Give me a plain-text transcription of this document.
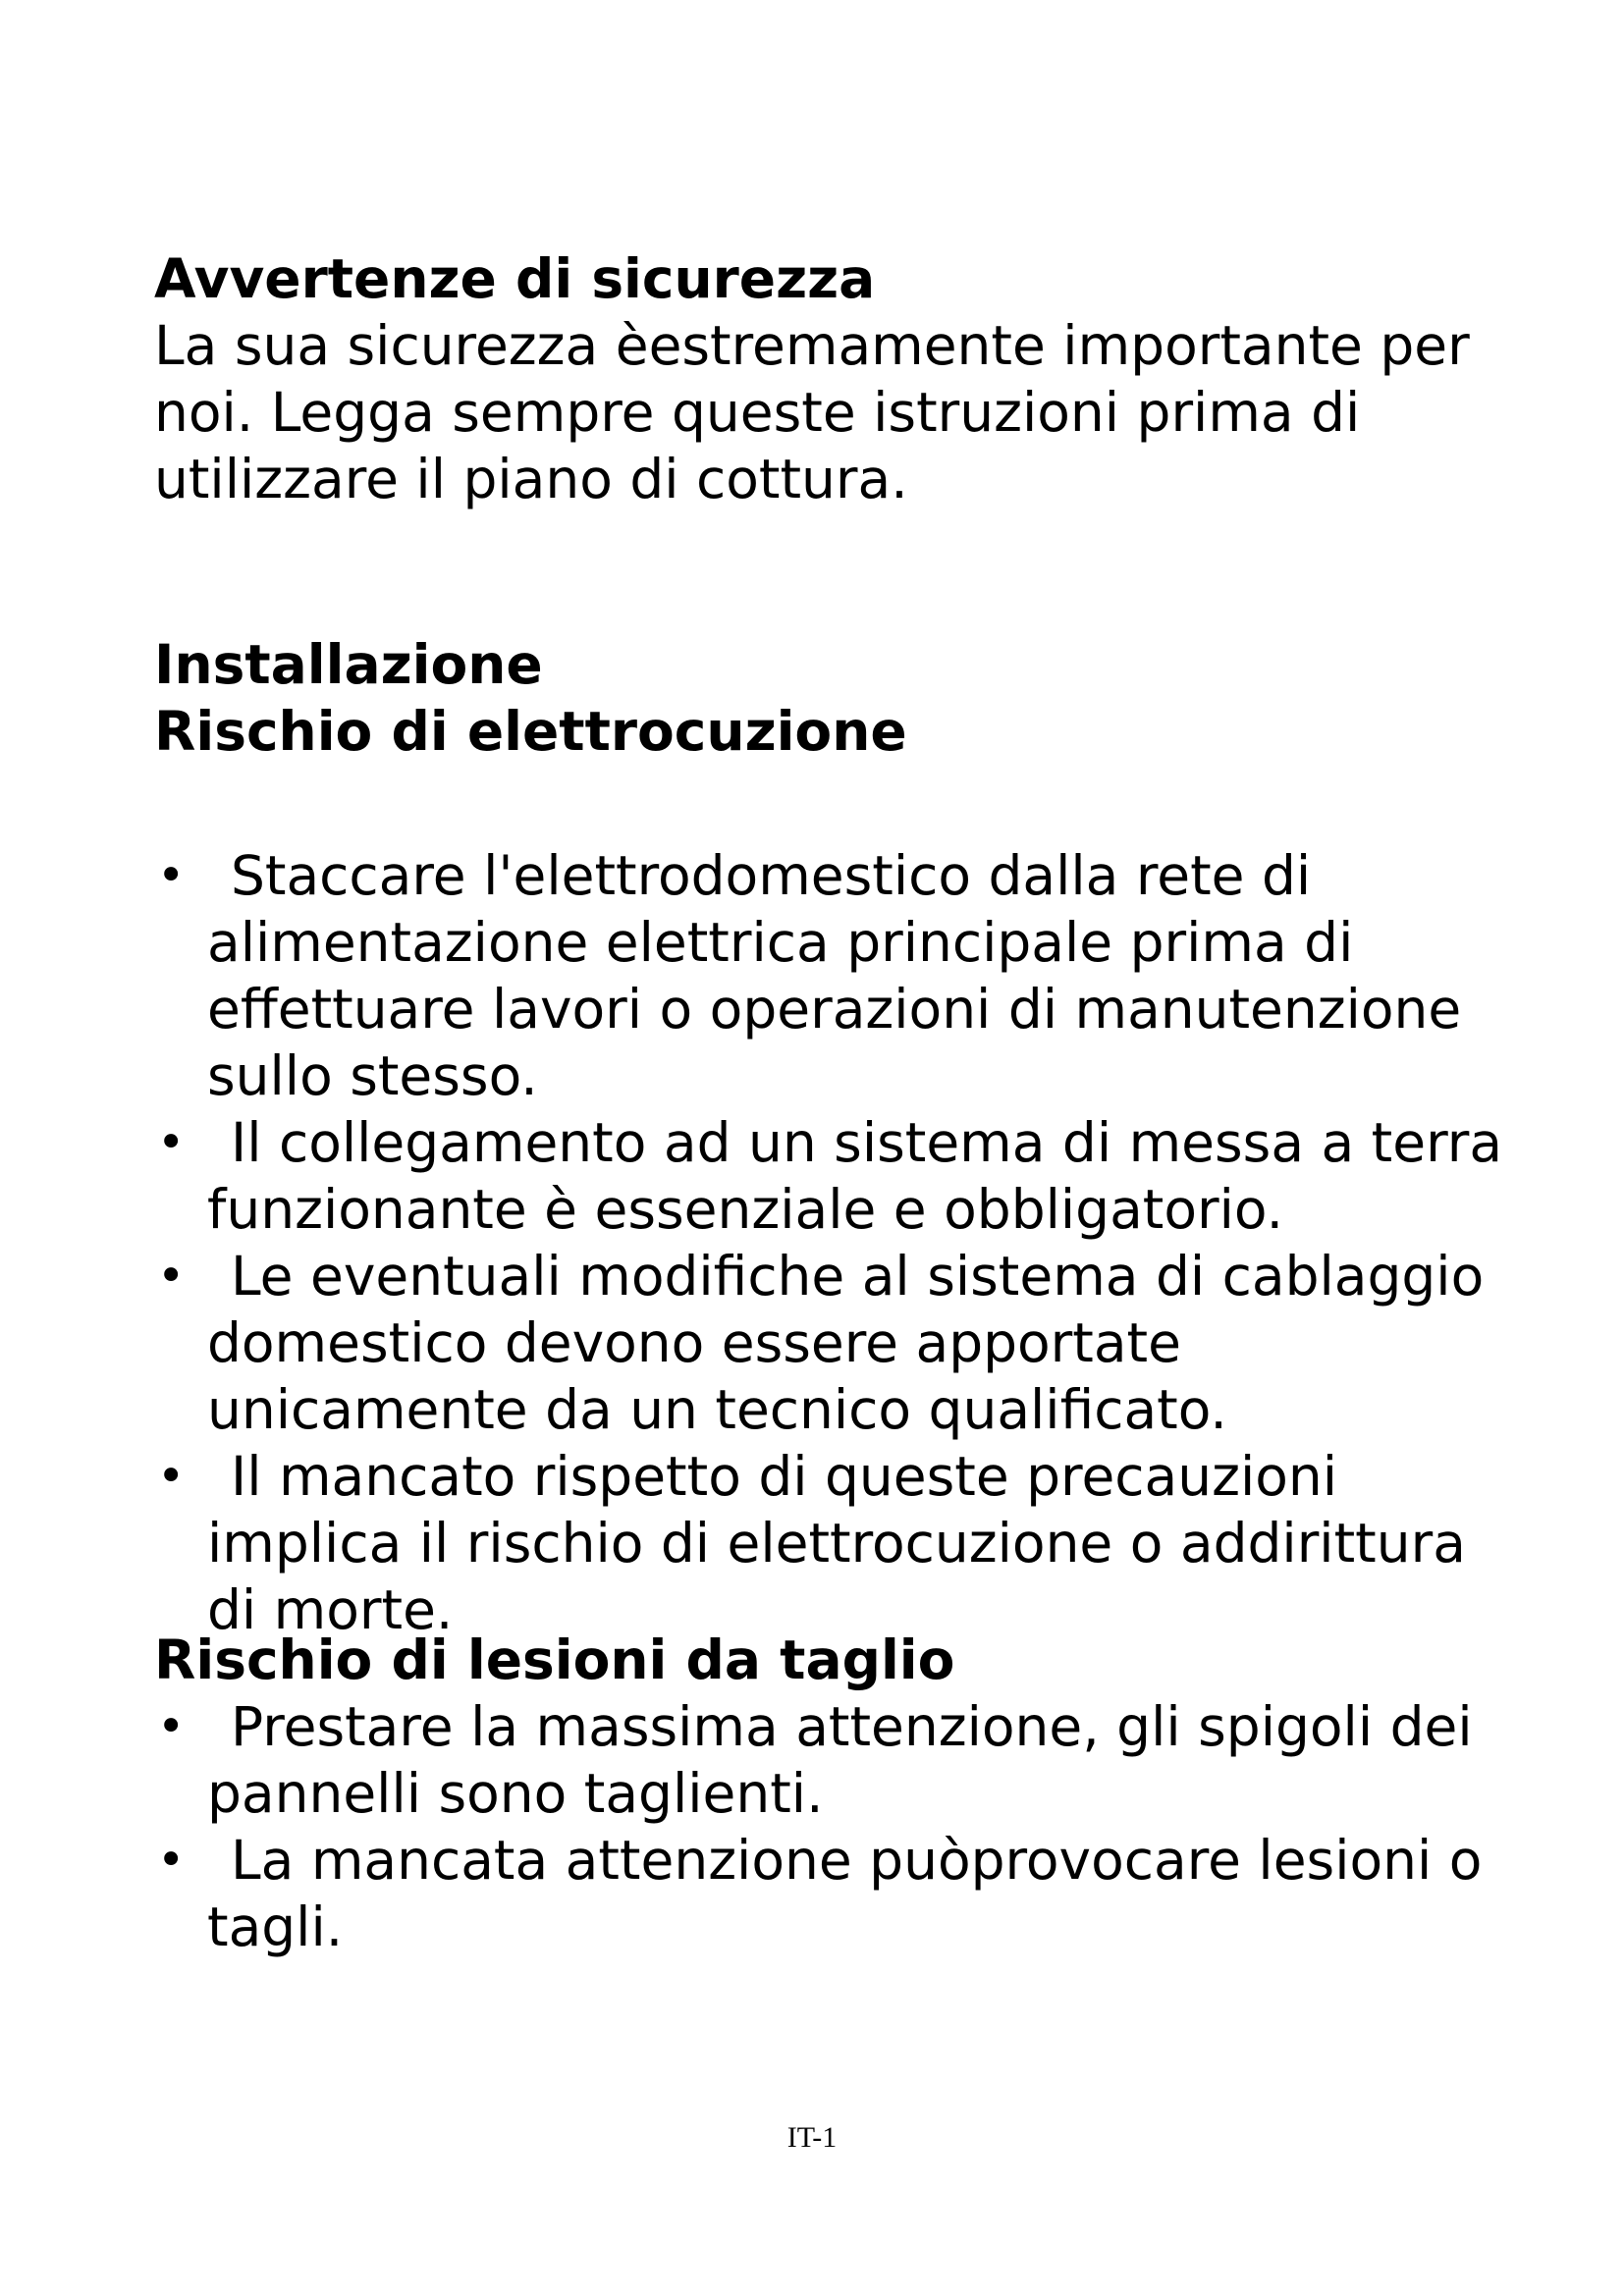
Avvertenze di sicurezza
La sua sicurezza èestremamente importante per noi. Legga sempre queste istruzioni prima di utilizzare il piano di cottura.
Installazione
Rischio di elettrocuzione
• Staccare l'elettrodomestico dalla rete di alimentazione elettrica principale prima di effettuare lavori o operazioni di manutenzione sullo stesso.
• Il collegamento ad un sistema di messa a terra funzionante è essenziale e obbligatorio.
• Le eventuali modifiche al sistema di cablaggio domestico devono essere apportate unicamente da un tecnico qualificato.
• Il mancato rispetto di queste precauzioni implica il rischio di elettrocuzione o addirittura di morte.
Rischio di lesioni da taglio
• Prestare la massima attenzione, gli spigoli dei pannelli sono taglienti.
• La mancata attenzione puòprovocare lesioni o tagli.
IT-1
